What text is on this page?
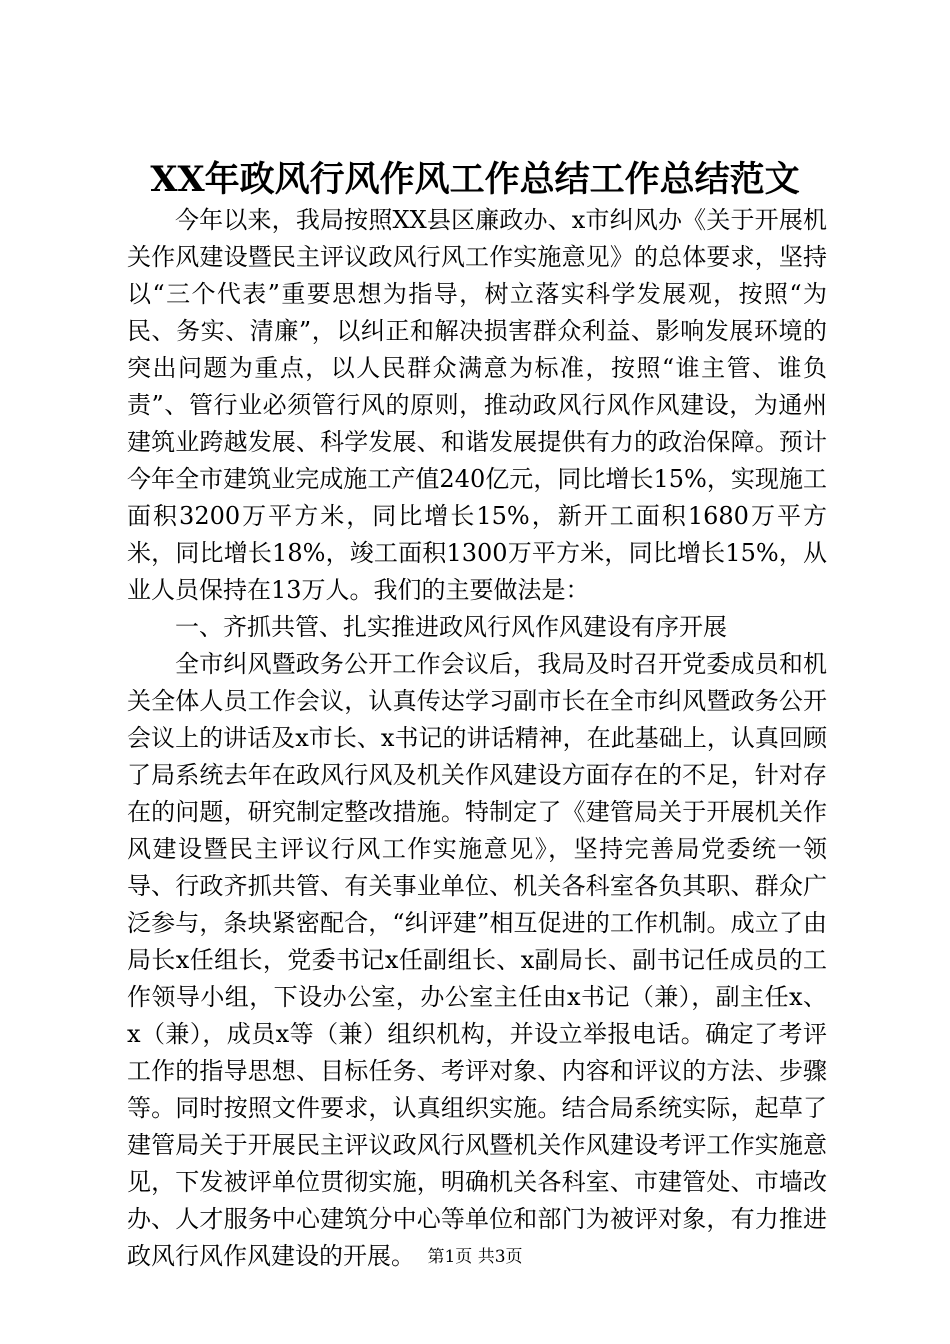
XX年政风行风作风工作总结工作总结范文

今年以来，我局按照XX县区廉政办、x市纠风办《关于开展机关作风建设暨民主评议政风行风工作实施意见》的总体要求，坚持以“三个代表”重要思想为指导，树立落实科学发展观，按照“为民、务实、清廉”，以纠正和解决损害群众利益、影响发展环境的突出问题为重点，以人民群众满意为标准，按照“谁主管、谁负责”、管行业必须管行风的原则，推动政风行风作风建设，为通州建筑业跨越发展、科学发展、和谐发展提供有力的政治保障。预计今年全市建筑业完成施工产值240亿元，同比增长15%，实现施工面积3200万平方米，同比增长15%，新开工面积1680万平方米，同比增长18%，竣工面积1300万平方米，同比增长15%，从业人员保持在13万人。我们的主要做法是：

一、齐抓共管、扎实推进政风行风作风建设有序开展

全市纠风暨政务公开工作会议后，我局及时召开党委成员和机关全体人员工作会议，认真传达学习副市长在全市纠风暨政务公开会议上的讲话及x市长、x书记的讲话精神，在此基础上，认真回顾了局系统去年在政风行风及机关作风建设方面存在的不足，针对存在的问题，研究制定整改措施。特制定了《建管局关于开展机关作风建设暨民主评议行风工作实施意见》，坚持完善局党委统一领导、行政齐抓共管、有关事业单位、机关各科室各负其职、群众广泛参与，条块紧密配合，“纠评建”相互促进的工作机制。成立了由局长x任组长，党委书记x任副组长、x副局长、副书记任成员的工作领导小组，下设办公室，办公室主任由x书记（兼），副主任x、x（兼），成员x等（兼）组织机构，并设立举报电话。确定了考评工作的指导思想、目标任务、考评对象、内容和评议的方法、步骤等。同时按照文件要求，认真组织实施。结合局系统实际，起草了建管局关于开展民主评议政风行风暨机关作风建设考评工作实施意见，下发被评单位贯彻实施，明确机关各科室、市建管处、市墙改办、人才服务中心建筑分中心等单位和部门为被评对象，有力推进政风行风作风建设的开展。 第1页 共3页
